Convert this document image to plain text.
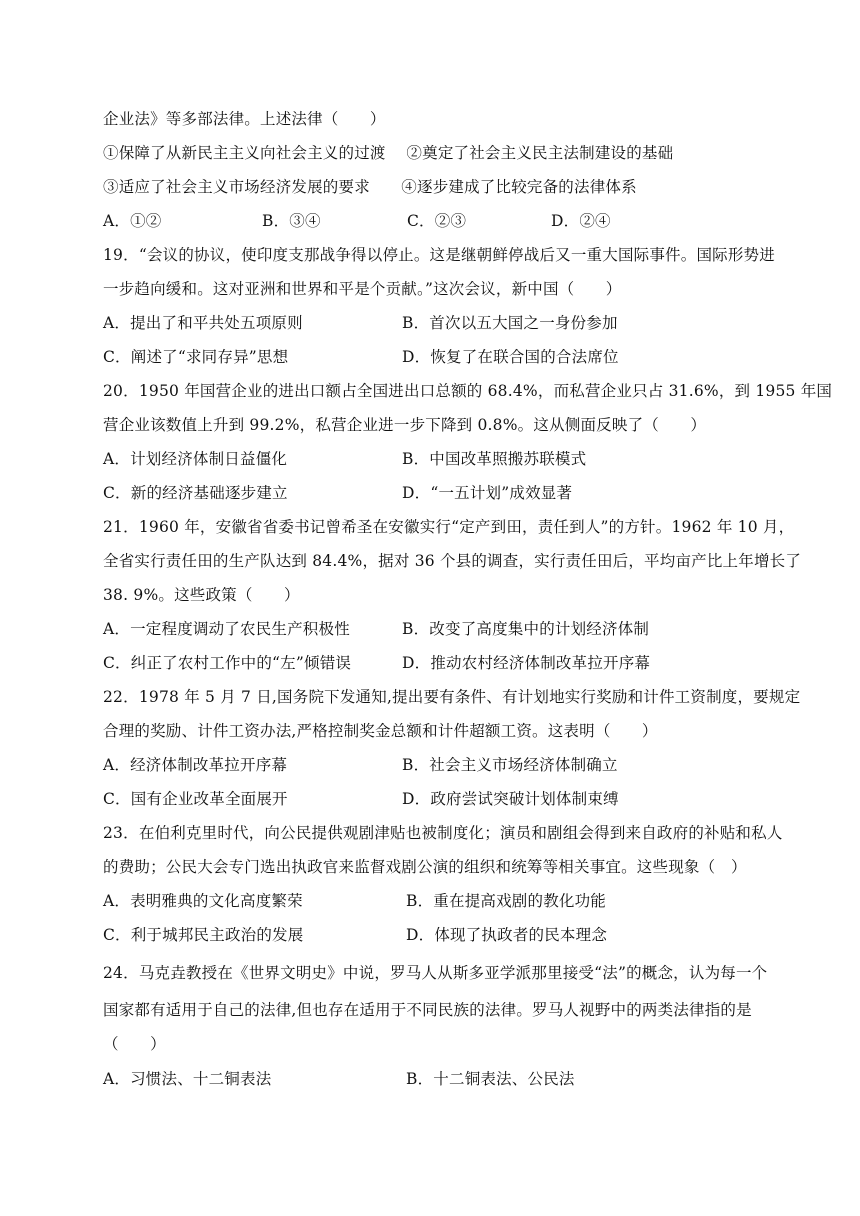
企业法》等多部法律。上述法律（　　）
①保障了从新民主主义向社会主义的过渡　 ②奠定了社会主义民主法制建设的基础
③适应了社会主义市场经济发展的要求　　④逐步建成了比较完备的法律体系
A．①②	B．③④	C．②③	D．②④
19．“会议的协议，使印度支那战争得以停止。这是继朝鲜停战后又一重大国际事件。国际形势进
一步趋向缓和。这对亚洲和世界和平是个贡献。”这次会议，新中国（　　）
A．提出了和平共处五项原则	B．首次以五大国之一身份参加
C．阐述了“求同存异”思想	D．恢复了在联合国的合法席位
20．1950 年国营企业的进出口额占全国进出口总额的 68.4%，而私营企业只占 31.6%，到 1955 年国
营企业该数值上升到 99.2%，私营企业进一步下降到 0.8%。这从侧面反映了（　　）
A．计划经济体制日益僵化	B．中国改革照搬苏联模式
C．新的经济基础逐步建立	D．“一五计划”成效显著
21．1960 年，安徽省省委书记曾希圣在安徽实行“定产到田，责任到人”的方针。1962 年 10 月，
全省实行责任田的生产队达到 84.4%，据对 36 个县的调查，实行责任田后，平均亩产比上年增长了
38. 9%。这些政策（　　）
A．一定程度调动了农民生产积极性	B．改变了高度集中的计划经济体制
C．纠正了农村工作中的“左”倾错误	D．推动农村经济体制改革拉开序幕
22．1978 年 5 月 7 日,国务院下发通知,提出要有条件、有计划地实行奖励和计件工资制度，要规定
合理的奖励、计件工资办法,严格控制奖金总额和计件超额工资。这表明（　　）
A．经济体制改革拉开序幕	B．社会主义市场经济体制确立
C．国有企业改革全面展开	D．政府尝试突破计划体制束缚
23．在伯利克里时代，向公民提供观剧津贴也被制度化；演员和剧组会得到来自政府的补贴和私人
的费助；公民大会专门选出执政官来监督戏剧公演的组织和统筹等相关事宜。这些现象（　）
A．表明雅典的文化高度繁荣	B．重在提高戏剧的教化功能
C．利于城邦民主政治的发展	D．体现了执政者的民本理念
24．马克垚教授在《世界文明史》中说，罗马人从斯多亚学派那里接受“法”的概念，认为每一个
国家都有适用于自己的法律,但也存在适用于不同民族的法律。罗马人视野中的两类法律指的是
（　　）
A．习惯法、十二铜表法	B．十二铜表法、公民法
